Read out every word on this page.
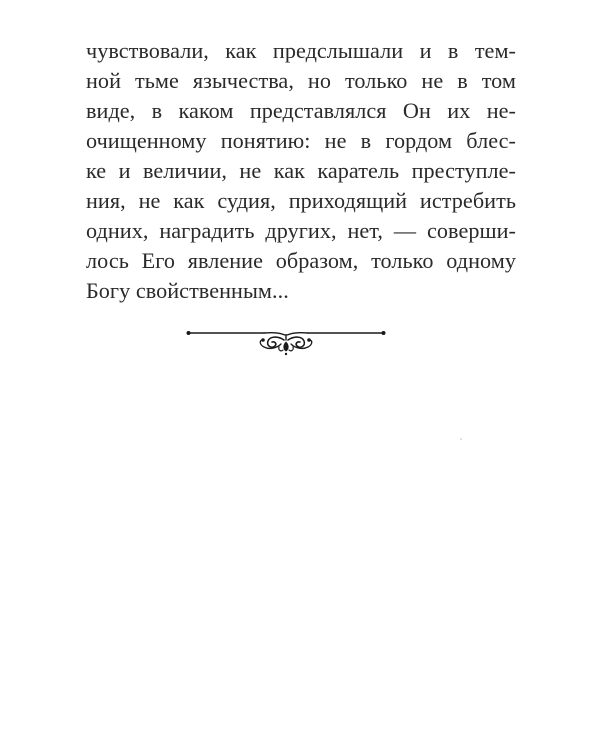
чувствовали, как предслышали и в тем-
ной тьме язычества, но только не в том
виде, в каком представлялся Он их не-
очищенному понятию: не в гордом блес-
ке и величии, не как каратель преступле-
ния, не как судия, приходящий истребить
одних, наградить других, нет, — соверши-
лось Его явление образом, только одному
Богу свойственным...
